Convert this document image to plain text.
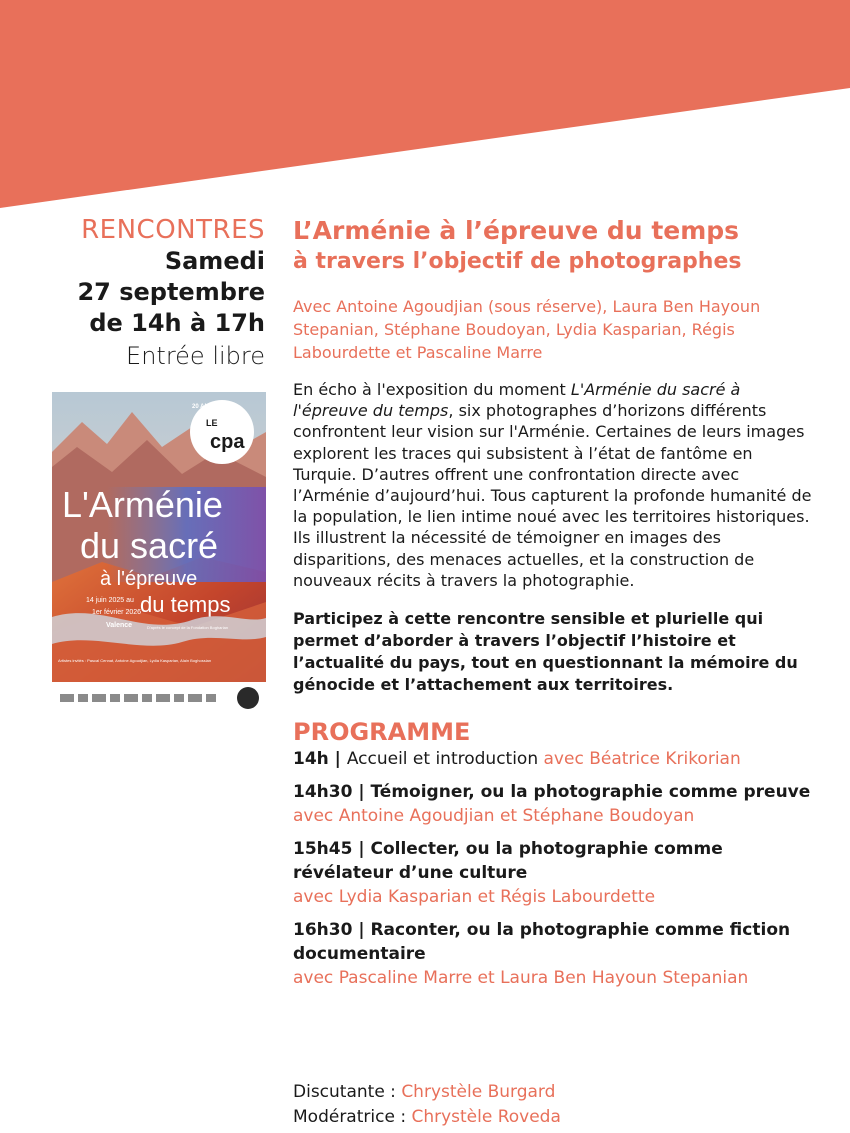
RENCONTRES
Samedi
27 septembre
de 14h à 17h
Entrée libre
LE
cpa
20 ANS
L'Arménie
du sacré
à l'épreuve
du temps
14 juin 2025 au
1er février 2026
Valence	D'après le concept de la Fondation Bogharian
Artistes invités : Pascal Cennat, Antoine Agoudjian, Lydia Kasparian, Alain Boghossian
L’Arménie à l’épreuve du temps
à travers l’objectif de photographes
Avec Antoine Agoudjian (sous réserve), Laura Ben Hayoun Stepanian, Stéphane Boudoyan, Lydia Kasparian, Régis Labourdette et Pascaline Marre
En écho à l'exposition du moment L'Arménie du sacré à l'épreuve du temps, six photographes d’horizons différents confrontent leur vision sur l'Arménie. Certaines de leurs images explorent les traces qui subsistent à l’état de fantôme en Turquie. D’autres offrent une confrontation directe avec l’Arménie d’aujourd’hui. Tous capturent la profonde humanité de la population, le lien intime noué avec les territoires historiques. Ils illustrent la nécessité de témoigner en images des disparitions, des menaces actuelles, et la construction de nouveaux récits à travers la photographie.
Participez à cette rencontre sensible et plurielle qui permet d’aborder à travers l’objectif l’histoire et l’actualité du pays, tout en questionnant la mémoire du génocide et l’attachement aux territoires.
PROGRAMME
14h | Accueil et introduction avec Béatrice Krikorian
14h30 | Témoigner, ou la photographie comme preuve
avec Antoine Agoudjian et Stéphane Boudoyan
15h45 | Collecter, ou la photographie comme révélateur d’une culture
avec Lydia Kasparian et Régis Labourdette
16h30 | Raconter, ou la photographie comme fiction documentaire
avec Pascaline Marre et Laura Ben Hayoun Stepanian
Discutante : Chrystèle Burgard
Modératrice : Chrystèle Roveda
